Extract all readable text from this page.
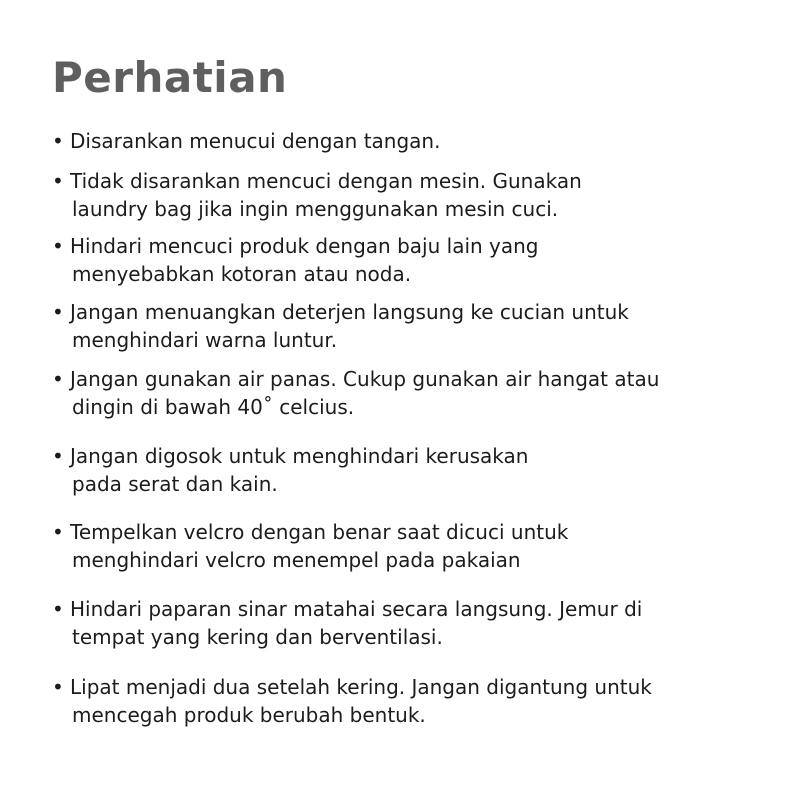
Perhatian
• Disarankan menucui dengan tangan.
• Tidak disarankan mencuci dengan mesin. Gunakan
laundry bag jika ingin menggunakan mesin cuci.
• Hindari mencuci produk dengan baju lain yang
menyebabkan kotoran atau noda.
• Jangan menuangkan deterjen langsung ke cucian untuk
menghindari warna luntur.
• Jangan gunakan air panas. Cukup gunakan air hangat atau
dingin di bawah 40˚ celcius.
• Jangan digosok untuk menghindari kerusakan
pada serat dan kain.
• Tempelkan velcro dengan benar saat dicuci untuk
menghindari velcro menempel pada pakaian
• Hindari paparan sinar matahai secara langsung. Jemur di
tempat yang kering dan berventilasi.
• Lipat menjadi dua setelah kering. Jangan digantung untuk
mencegah produk berubah bentuk.
